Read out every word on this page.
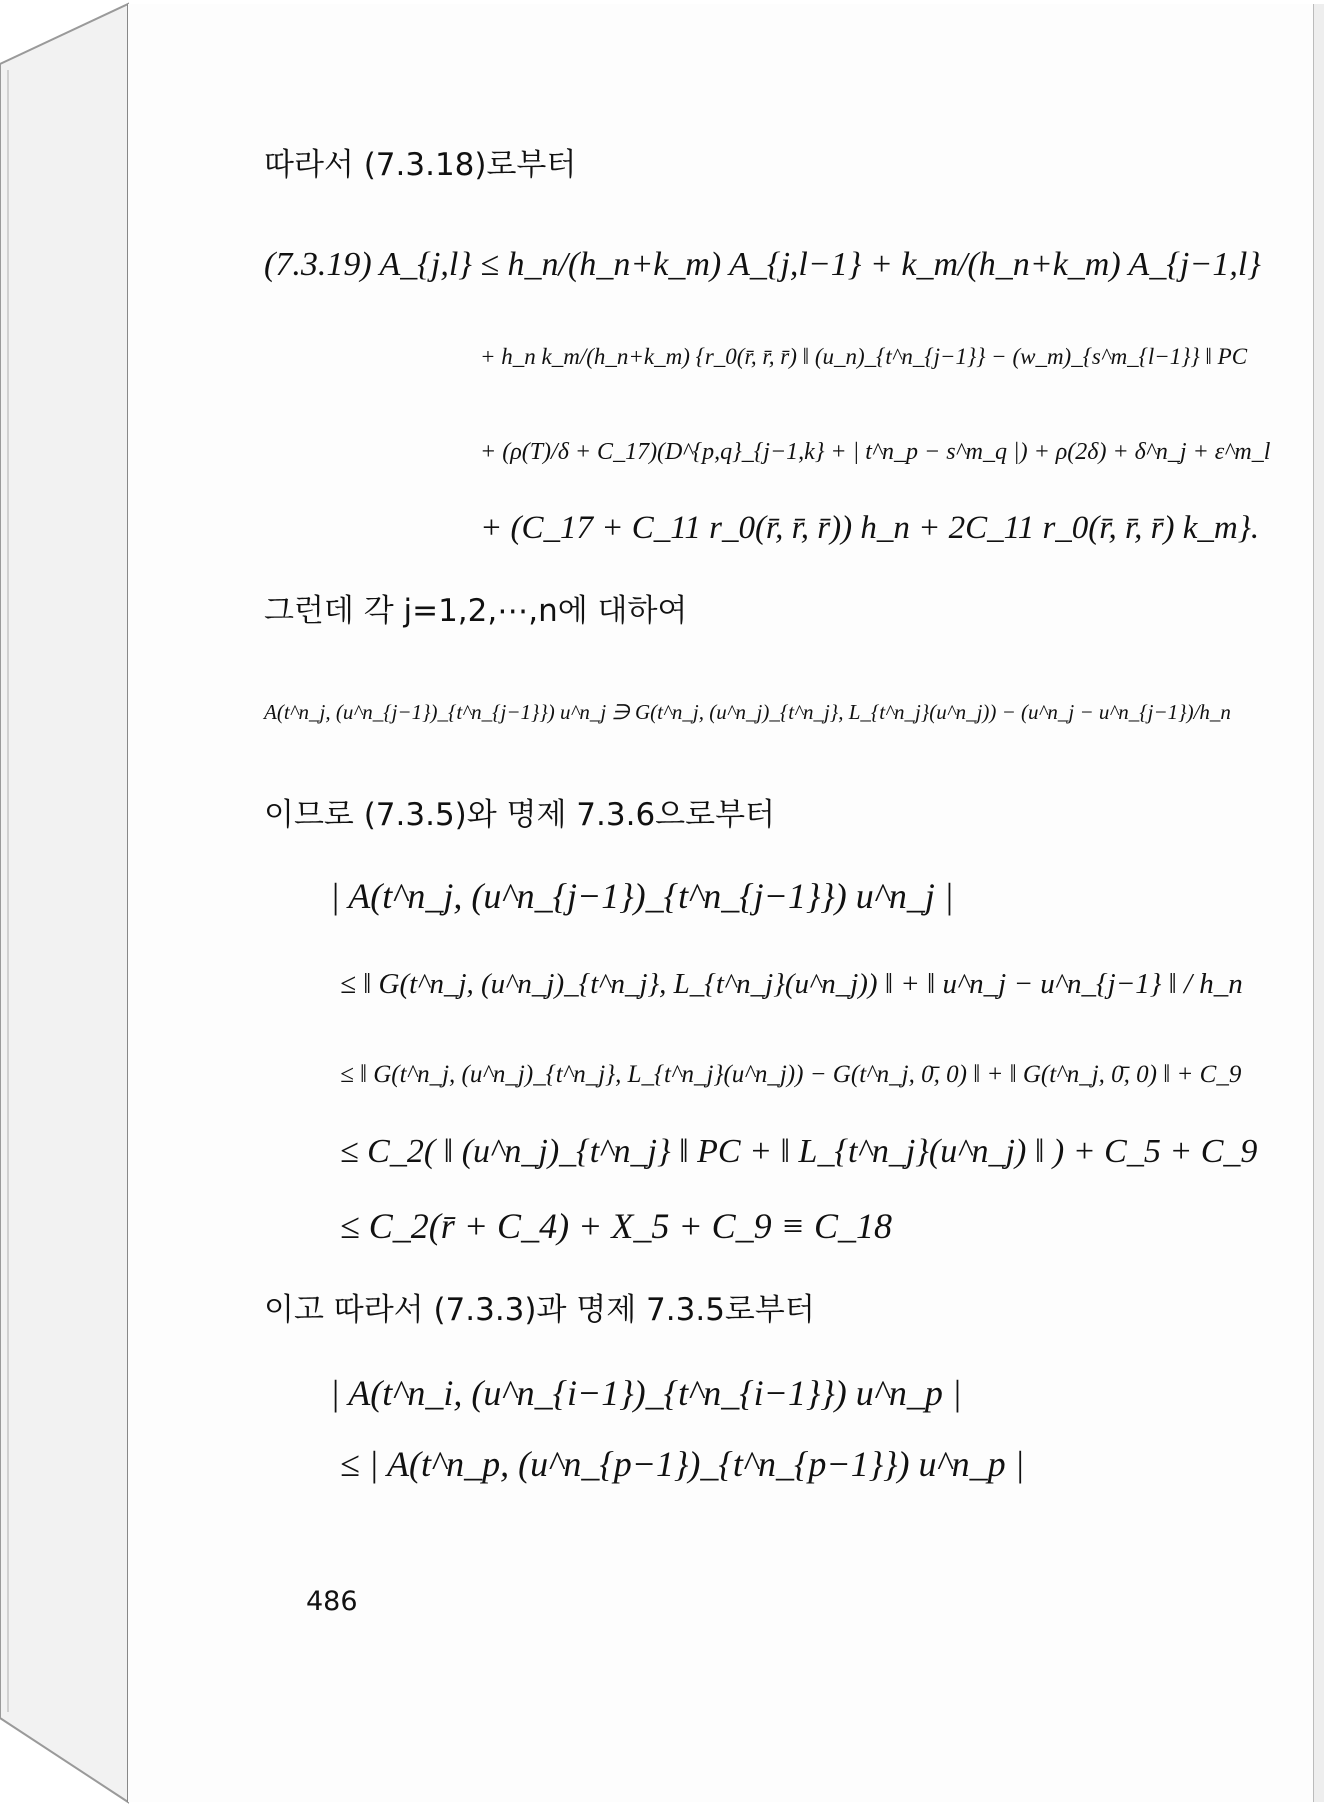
따라서 (7.3.18)로부터
(7.3.19) A_{j,l} ≤ h_n/(h_n+k_m) A_{j,l−1} + k_m/(h_n+k_m) A_{j−1,l}
+ h_n k_m/(h_n+k_m) {r_0(r̄, r̄, r̄) ‖ (u_n)_{t^n_{j−1}} − (w_m)_{s^m_{l−1}} ‖ PC
+ (ρ(T)/δ + C_17)(D^{p,q}_{j−1,k} + | t^n_p − s^m_q |) + ρ(2δ) + δ^n_j + ε^m_l
+ (C_17 + C_11 r_0(r̄, r̄, r̄)) h_n + 2C_11 r_0(r̄, r̄, r̄) k_m}.
그런데 각 j=1,2,⋯,n에 대하여
A(t^n_j, (u^n_{j−1})_{t^n_{j−1}}) u^n_j ∋ G(t^n_j, (u^n_j)_{t^n_j}, L_{t^n_j}(u^n_j)) − (u^n_j − u^n_{j−1})/h_n
이므로 (7.3.5)와 명제 7.3.6으로부터
| A(t^n_j, (u^n_{j−1})_{t^n_{j−1}}) u^n_j |
≤ ‖ G(t^n_j, (u^n_j)_{t^n_j}, L_{t^n_j}(u^n_j)) ‖ + ‖ u^n_j − u^n_{j−1} ‖ / h_n
≤ ‖ G(t^n_j, (u^n_j)_{t^n_j}, L_{t^n_j}(u^n_j)) − G(t^n_j, 0̄, 0) ‖ + ‖ G(t^n_j, 0̄, 0) ‖ + C_9
≤ C_2( ‖ (u^n_j)_{t^n_j} ‖ PC + ‖ L_{t^n_j}(u^n_j) ‖ ) + C_5 + C_9
≤ C_2(r̄ + C_4) + X_5 + C_9 ≡ C_18
이고 따라서 (7.3.3)과 명제 7.3.5로부터
| A(t^n_i, (u^n_{i−1})_{t^n_{i−1}}) u^n_p |
≤ | A(t^n_p, (u^n_{p−1})_{t^n_{p−1}}) u^n_p |
486
